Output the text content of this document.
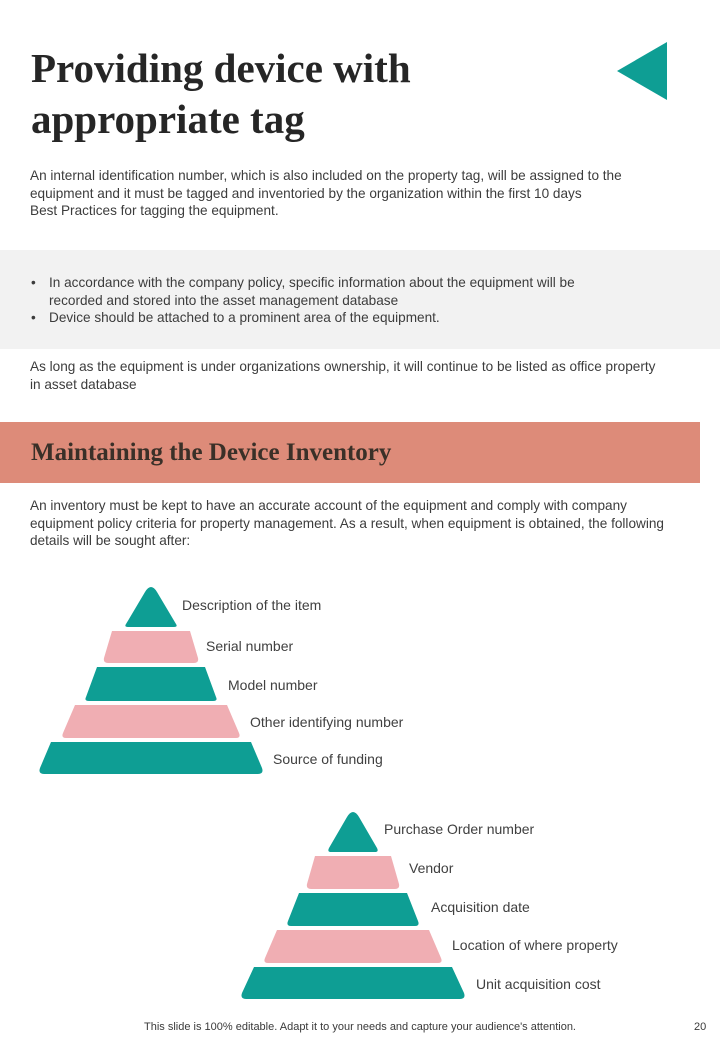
Providing device with appropriate tag

An internal identification number, which is also included on the property tag, will be assigned to the equipment and it must be tagged and inventoried by the organization within the first 10 days

Best Practices for tagging the equipment.

• In accordance with the company policy, specific information about the equipment will be recorded and stored into the asset management database
• Device should be attached to a prominent area of the equipment.

As long as the equipment is under organizations ownership, it will continue to be listed as office property in asset database

Maintaining the Device Inventory

An inventory must be kept to have an accurate account of the equipment and comply with company equipment policy criteria for property management. As a result, when equipment is obtained, the following details will be sought after:

Description of the item
Serial number
Model number
Other identifying number
Source of funding
Purchase Order number
Vendor
Acquisition date
Location of where property
Unit acquisition cost
This slide is 100% editable. Adapt it to your needs and capture your audience's attention.	20
